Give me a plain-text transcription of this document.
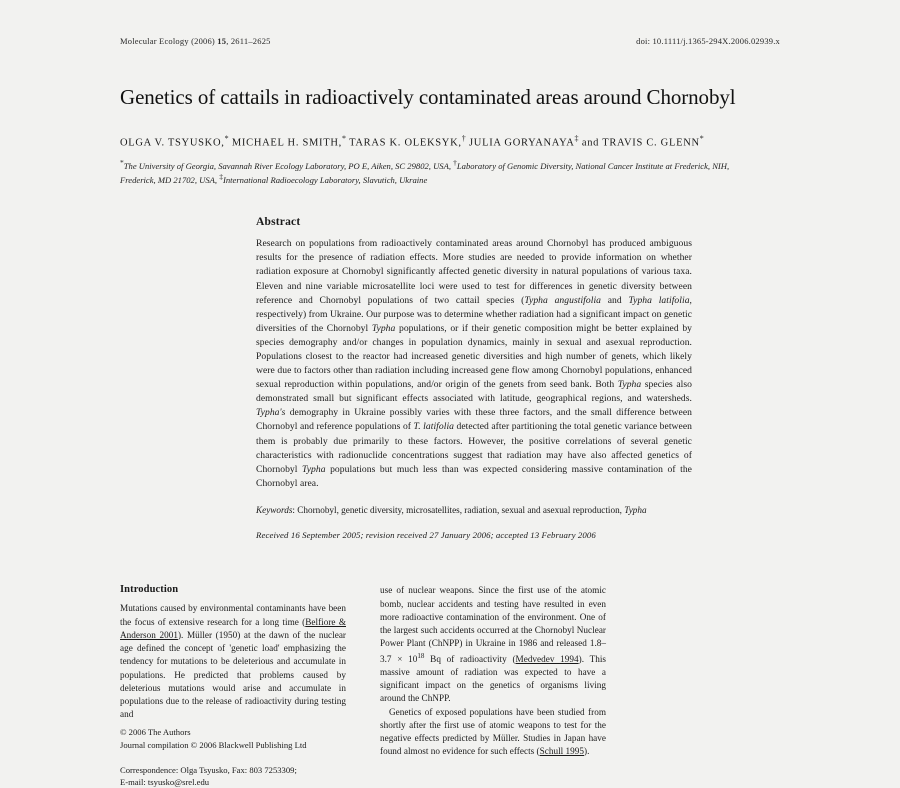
Molecular Ecology (2006) 15, 2611–2625	doi: 10.1111/j.1365-294X.2006.02939.x
Genetics of cattails in radioactively contaminated areas around Chornobyl
OLGA V. TSYUSKO,* MICHAEL H. SMITH,* TARAS K. OLEKSYK,† JULIA GORYANAYA‡ and TRAVIS C. GLENN*
*The University of Georgia, Savannah River Ecology Laboratory, PO E, Aiken, SC 29802, USA, †Laboratory of Genomic Diversity, National Cancer Institute at Frederick, NIH, Frederick, MD 21702, USA, ‡International Radioecology Laboratory, Slavutich, Ukraine
Abstract
Research on populations from radioactively contaminated areas around Chornobyl has produced ambiguous results for the presence of radiation effects. More studies are needed to provide information on whether radiation exposure at Chornobyl significantly affected genetic diversity in natural populations of various taxa. Eleven and nine variable microsatellite loci were used to test for differences in genetic diversity between reference and Chornobyl populations of two cattail species (Typha angustifolia and Typha latifolia, respectively) from Ukraine. Our purpose was to determine whether radiation had a significant impact on genetic diversities of the Chornobyl Typha populations, or if their genetic composition might be better explained by species demography and/or changes in population dynamics, mainly in sexual and asexual reproduction. Populations closest to the reactor had increased genetic diversities and high number of genets, which likely were due to factors other than radiation including increased gene flow among Chornobyl populations, enhanced sexual reproduction within populations, and/or origin of the genets from seed bank. Both Typha species also demonstrated small but significant effects associated with latitude, geographical regions, and watersheds. Typha's demography in Ukraine possibly varies with these three factors, and the small difference between Chornobyl and reference populations of T. latifolia detected after partitioning the total genetic variance between them is probably due primarily to these factors. However, the positive correlations of several genetic characteristics with radionuclide concentrations suggest that radiation may have also affected genetics of Chornobyl Typha populations but much less than was expected considering massive contamination of the Chornobyl area.
Keywords: Chornobyl, genetic diversity, microsatellites, radiation, sexual and asexual reproduction, Typha
Received 16 September 2005; revision received 27 January 2006; accepted 13 February 2006
Introduction

Mutations caused by environmental contaminants have been the focus of extensive research for a long time (Belfiore & Anderson 2001). Müller (1950) at the dawn of the nuclear age defined the concept of 'genetic load' emphasizing the tendency for mutations to be deleterious and accumulate in populations. He predicted that problems caused by deleterious mutations would arise and accumulate in populations due to the release of radioactivity during testing and

Correspondence: Olga Tsyusko, Fax: 803 7253309;
E-mail: tsyusko@srel.edu

use of nuclear weapons. Since the first use of the atomic bomb, nuclear accidents and testing have resulted in even more radioactive contamination of the environment. One of the largest such accidents occurred at the Chornobyl Nuclear Power Plant (ChNPP) in Ukraine in 1986 and released $1.8-3.7 \times 10^{18}$ Bq of radioactivity (Medvedev 1994). This massive amount of radiation was expected to have a significant impact on the genetics of organisms living around the ChNPP.

Genetics of exposed populations have been studied from shortly after the first use of atomic weapons to test for the negative effects predicted by Müller. Studies in Japan have found almost no evidence for such effects (Schull 1995).

© 2006 The Authors
Journal compilation © 2006 Blackwell Publishing Ltd
